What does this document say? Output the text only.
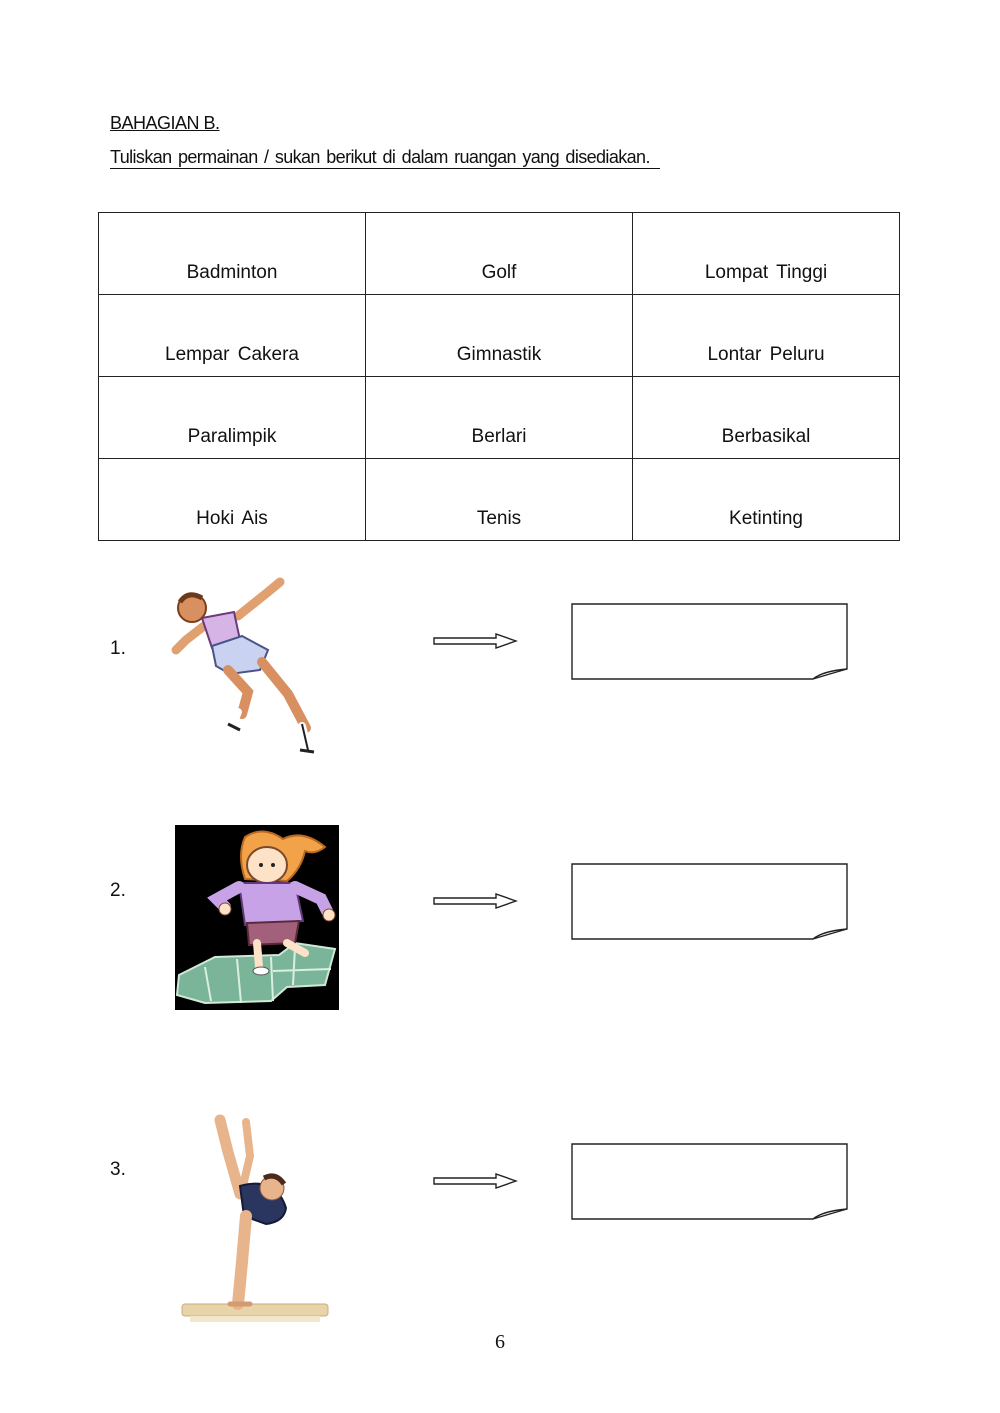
BAHAGIAN B.
Tuliskan permainan / sukan berikut di dalam ruangan yang disediakan.
Badminton	Golf	Lompat Tinggi
Lempar Cakera	Gimnastik	Lontar Peluru
Paralimpik	Berlari	Berbasikal
Hoki Ais	Tenis	Ketinting
1.
2.
3.
6
